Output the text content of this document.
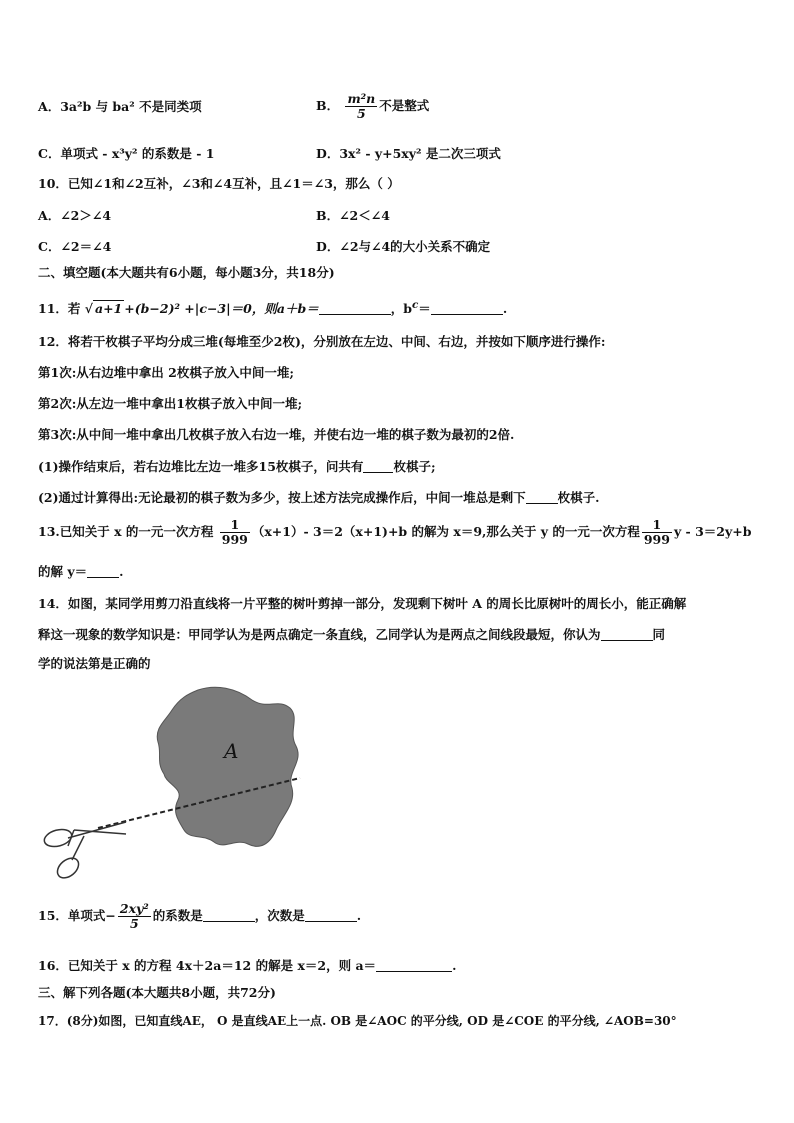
A．3a²b 与 ba² 不是同类项	B． $\frac{\text{m²n}}{5}$ 不是整式
C．单项式 - x³y² 的系数是 - 1	D．3x² - y+5xy² 是二次三项式
10．已知∠1和∠2互补，∠3和∠4互补，且∠1＝∠3，那么（ ）
A．∠2＞∠4	B．∠2＜∠4
C．∠2＝∠4	D．∠2与∠4的大小关系不确定
二、填空题(本大题共有6小题，每小题3分，共18分)
11．若 √ a+1 +(b−2)² +|c−3|＝0，则a＋b＝	，$b^c=$	.
12．将若干枚棋子平均分成三堆(每堆至少2枚)，分别放在左边、中间、右边，并按如下顺序进行操作:
第1次:从右边堆中拿出 2枚棋子放入中间一堆;
第2次:从左边一堆中拿出1枚棋子放入中间一堆;
第3次:从中间一堆中拿出几枚棋子放入右边一堆，并使右边一堆的棋子数为最初的2倍.
(1)操作结束后，若右边堆比左边一堆多15枚棋子，问共有 枚棋子;
(2)通过计算得出:无论最初的棋子数为多少，按上述方法完成操作后，中间一堆总是剩下	枚棋子.
13.已知关于 x 的一元一次方程 $\frac{1}{999} (x+1)-$ 3＝2（x+1)+b 的解为 x＝9,那么关于 y 的一元一次方程 $\frac{1}{999}$ y - 3＝2y+b
的解 y＝	.
14．如图，某同学用剪刀沿直线将一片平整的树叶剪掉一部分，发现剩下树叶 A 的周长比原树叶的周长小，能正确解
释这一现象的数学知识是：甲同学认为是两点确定一条直线，乙同学认为是两点之间线段最短，你认为	同
学的说法第是正确的
A
15．单项式− $\frac{\text{2xy²}}{5}$ 的系数是	，次数是	.
16．已知关于 x 的方程 4x＋2a＝12 的解是 x＝2，则 a＝	.
三、解下列各题(本大题共8小题，共72分)
17．(8分)如图，已知直线AE， O 是直线AE上一点. OB 是∠AOC 的平分线, OD 是∠COE 的平分线, ∠AOB=30°
